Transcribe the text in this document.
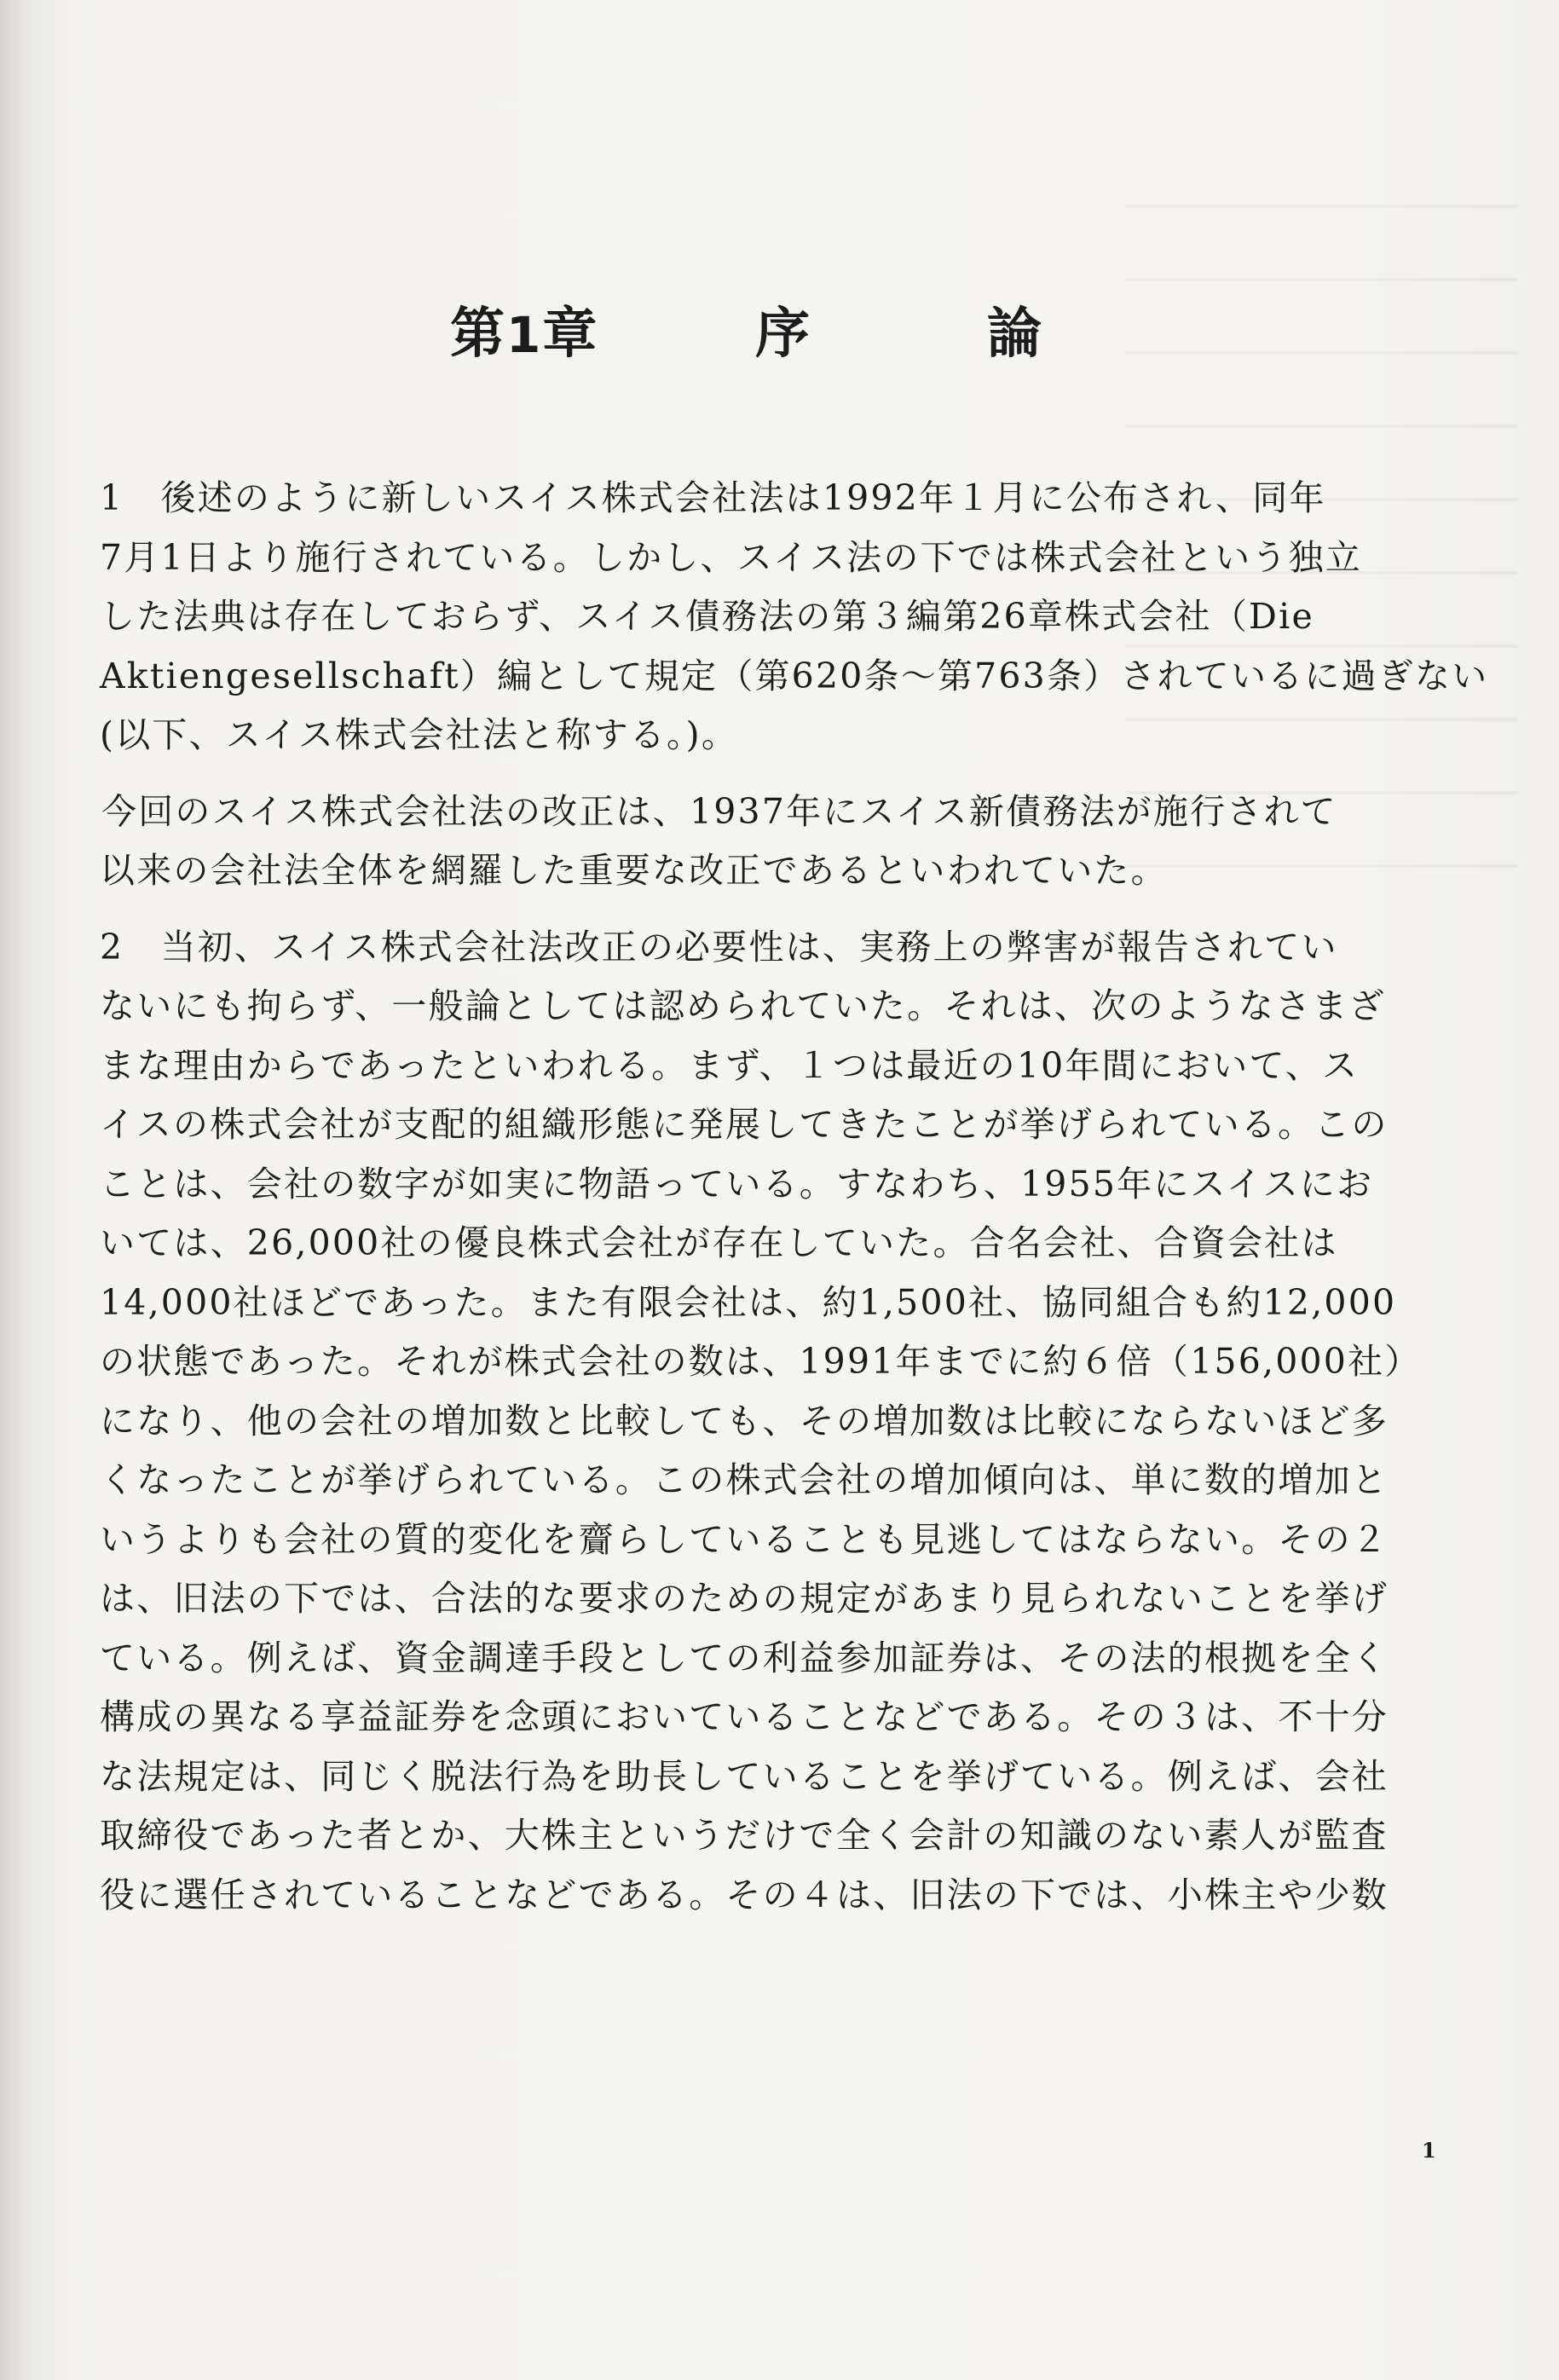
第1章	序	論
1　後述のように新しいスイス株式会社法は1992年１月に公布され、同年
7月1日より施行されている。しかし、スイス法の下では株式会社という独立
した法典は存在しておらず、スイス債務法の第３編第26章株式会社（Die
Aktiengesellschaft）編として規定（第620条～第763条）されているに過ぎない
(以下、スイス株式会社法と称する。)。
今回のスイス株式会社法の改正は、1937年にスイス新債務法が施行されて
以来の会社法全体を網羅した重要な改正であるといわれていた。
2　当初、スイス株式会社法改正の必要性は、実務上の弊害が報告されてい
ないにも拘らず、一般論としては認められていた。それは、次のようなさまざ
まな理由からであったといわれる。まず、１つは最近の10年間において、ス
イスの株式会社が支配的組織形態に発展してきたことが挙げられている。この
ことは、会社の数字が如実に物語っている。すなわち、1955年にスイスにお
いては、26,000社の優良株式会社が存在していた。合名会社、合資会社は
14,000社ほどであった。また有限会社は、約1,500社、協同組合も約12,000
の状態であった。それが株式会社の数は、1991年までに約６倍（156,000社）
になり、他の会社の増加数と比較しても、その増加数は比較にならないほど多
くなったことが挙げられている。この株式会社の増加傾向は、単に数的増加と
いうよりも会社の質的変化を齎らしていることも見逃してはならない。その２
は、旧法の下では、合法的な要求のための規定があまり見られないことを挙げ
ている。例えば、資金調達手段としての利益参加証券は、その法的根拠を全く
構成の異なる享益証券を念頭においていることなどである。その３は、不十分
な法規定は、同じく脱法行為を助長していることを挙げている。例えば、会社
取締役であった者とか、大株主というだけで全く会計の知識のない素人が監査
役に選任されていることなどである。その４は、旧法の下では、小株主や少数
1
